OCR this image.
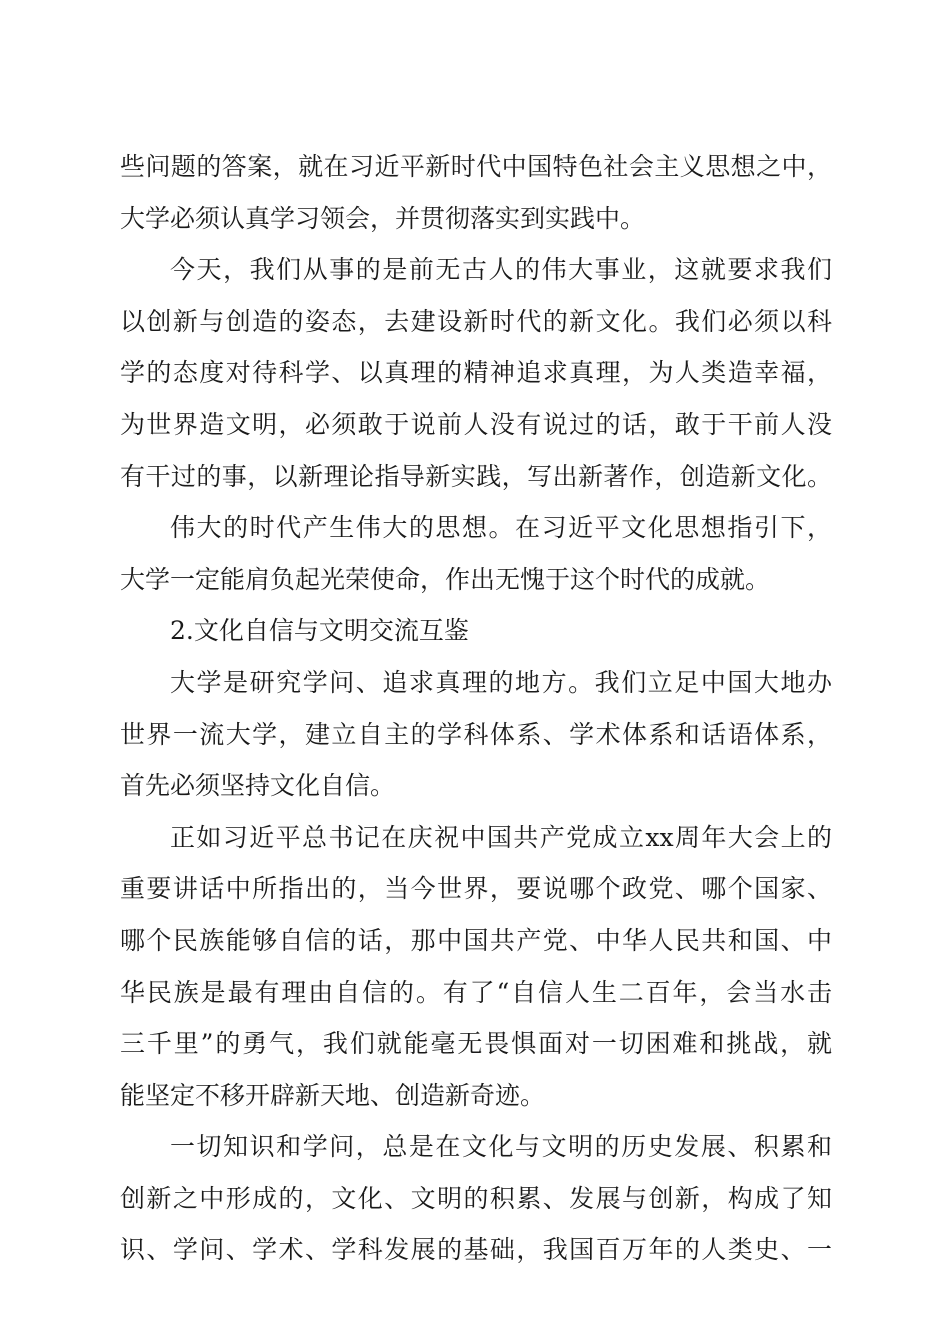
些问题的答案，就在习近平新时代中国特色社会主义思想之中，
大学必须认真学习领会，并贯彻落实到实践中。
今天，我们从事的是前无古人的伟大事业，这就要求我们
以创新与创造的姿态，去建设新时代的新文化。我们必须以科
学的态度对待科学、以真理的精神追求真理，为人类造幸福，
为世界造文明，必须敢于说前人没有说过的话，敢于干前人没
有干过的事，以新理论指导新实践，写出新著作，创造新文化。
伟大的时代产生伟大的思想。在习近平文化思想指引下，
大学一定能肩负起光荣使命，作出无愧于这个时代的成就。
2.文化自信与文明交流互鉴
大学是研究学问、追求真理的地方。我们立足中国大地办
世界一流大学，建立自主的学科体系、学术体系和话语体系，
首先必须坚持文化自信。
正如习近平总书记在庆祝中国共产党成立xx周年大会上的
重要讲话中所指出的，当今世界，要说哪个政党、哪个国家、
哪个民族能够自信的话，那中国共产党、中华人民共和国、中
华民族是最有理由自信的。有了“自信人生二百年，会当水击
三千里”的勇气，我们就能毫无畏惧面对一切困难和挑战，就
能坚定不移开辟新天地、创造新奇迹。
一切知识和学问，总是在文化与文明的历史发展、积累和
创新之中形成的，文化、文明的积累、发展与创新，构成了知
识、学问、学术、学科发展的基础，我国百万年的人类史、一
